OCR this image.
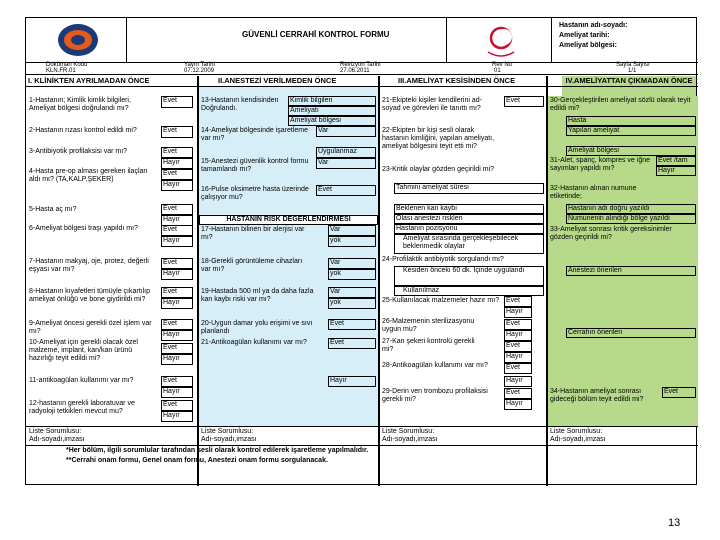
GÜVENLİ CERRAHİ KONTROL FORMU
Hastanın adı-soyadı:
Ameliyat tarihi:
Ameliyat bölgesi:
Doküman Kodu
KLN.FR.01
Yayın Tarihi
07.12.2009
Revizyon Tarihi
27.06.2011
Rev No
01
Sayfa Sayısı
1/1
I. KLİNİKTEN AYRILMADAN ÖNCE	II.ANESTEZİ VERİLMEDEN ÖNCE	III.AMELİYAT KESİSİNDEN ÖNCE	IV.AMELİYATTAN ÇIKMADAN ÖNCE
1-Hastanın; Kimlik kimlik bilgileri, Ameliyat bölgesi doğrulandı mı?
Evet
2-Hastanın rızası kontrol edildi mi?	Evet
3-Antibiyotik profilaksisi var mı?	Evet
Hayır
4-Hasta pre-op alması gereken ilaçları aldı mı? (TA,KALP,ŞEKER)
Evet
Hayır
5-Hasta aç mı?	Evet
Hayır
6-Ameliyat bölgesi traşı yapıldı mı?	Evet
Hayır
7-Hastanın makyaj, oje, protez, değerli eşyası var mı?
Evet
Hayır
8-Hastanın kıyafetleri tümüyle çıkartılıp ameliyat önlüğü ve bone giydirildi mi?
Evet
Hayır
9-Ameliyat öncesi gerekli özel işlem var mı?
Evet
Hayır
10-Ameliyat için gerekli olacak özel malzeme, implant, kan/kan ürünü hazırlığı teyit edildi mi?
Evet
Hayır
11-antikoagülan kullanımı var mı?	Evet
Hayır
12-hastanın gerekli laboratuvar ve radyoloji tetkikleri mevcut mu?
Evet
Hayır
Liste Sorumlusu:
Adı-soyadı,imzası
13-Hastanın kendisinden Doğrulandı.
Kimlik bilgileri
Ameliyatı
Ameliyat bölgesi
14-Ameliyat bölgesinde işaretleme var mı?
Var
Uygulanmaz
15-Anestezi güvenlik kontrol formu tamamlandı mı?
Var
16-Pulse oksimetre hasta üzerinde çalışıyor mu?
Evet
HASTANIN RİSK DEĞERLENDİRMESİ
17-Hastanın bilinen bir alerjisi var mı?
Var
yok
18-Gerekli görüntüleme cihazları var mı?
Var
yok
19-Hastada 500 ml ya da daha fazla kan kaybı riski var mı?
Var
yok
20-Uygun damar yolu erişimi ve sıvı planlandı
Evet
21-Antikoagülan kullanımı var mı?	Evet
Hayır
Liste Sorumlusu:
Adı-soyadı,imzası
21-Ekipteki kişiler kendilerini ad-soyad ve görevleri ile tanıttı mı?
Evet
22-Ekipten bir kişi sesli olarak hastanın kimliğini, yapılan ameliyatı, ameliyat bölgesini teyit etti mi?
23-Kritik olaylar gözden geçirildi mi?
Tahmini ameliyat süresi
Beklenen kan kaybı
Olası anestezi riskleri
Hastanın pozisyonu
Ameliyat sırasında gerçekleşebilecek beklenmedik olaylar
24-Profilaktik antibiyotik sorgulandı mı?
Kesiden önceki 60 dk. İçinde uygulandı
Kullanılmaz
25-Kullanılacak malzemeler hazır mı? Evet
Hayır
26-Malzemenin sterilizasyonu uygun mu?
Evet
Hayır
27-Kan şekeri kontrolü gerekli mi?
Evet
Hayır
28-Antikoagülan kullanımı var mı?	Evet
Hayır
29-Derin ven trombozu profilaksisi gerekli mi?
Evet
Hayır
Liste Sorumlusu:
Adı-soyadı,imzası
30-Gerçekleştirilen ameliyat sözlü olarak teyit edildi mi?
Hasta
Yapılan ameliyat
Ameliyat bölgesi
31-Alet, spanç, kompres ve iğne sayımları yapıldı mı?
Evet /tam
Hayır
32-Hastanın alınan numune etiketinde;
Hastanın adı doğru yazıldı
Numunenin alındığı bölge yazıldı
33-Ameliyat sonrası kritik gereksinimler gözden geçirildi mi?
Anestezi önerileri
Cerrahın önerileri
34-Hastanın ameliyat sonrası gideceği bölüm teyit edildi mi?
Evet
Liste Sorumlusu:
Adı-soyadı,imzası
*Her bölüm, ilgili sorumlular tarafından sesli olarak kontrol edilerek işaretleme yapılmalıdır.
**Cerrahi onam formu, Genel onam formu, Anestezi onam formu sorgulanacak.
13
